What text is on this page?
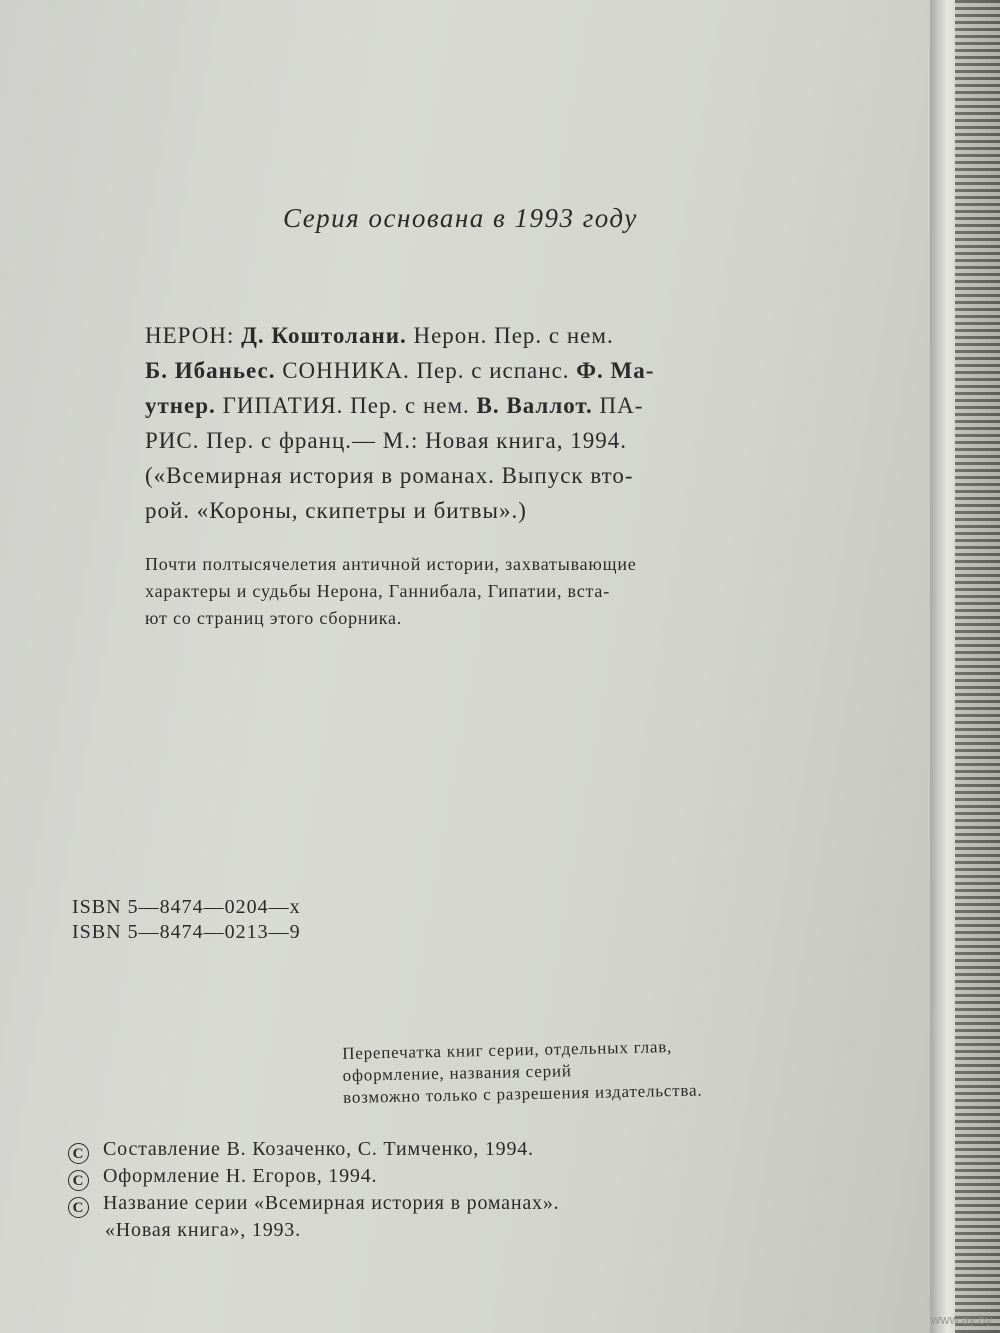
Серия основана в 1993 году
НЕРОН: Д. Коштолани. Нерон. Пер. с нем.
Б. Ибаньес. СОННИКА. Пер. с испанс. Ф. Ма-
утнер. ГИПАТИЯ. Пер. с нем. В. Валлот. ПА-
РИС. Пер. с франц.— М.: Новая книга, 1994.
(«Всемирная история в романах. Выпуск вто-
рой. «Короны, скипетры и битвы».)
Почти полтысячелетия античной истории, захватывающие
характеры и судьбы Нерона, Ганнибала, Гипатии, вста-
ют со страниц этого сборника.
ISBN 5—8474—0204—х
ISBN 5—8474—0213—9
Перепечатка книг серии, отдельных глав,
оформление, названия серий
возможно только с разрешения издательства.
C Составление В. Козаченко, С. Тимченко, 1994.
C Оформление Н. Егоров, 1994.
C Название серии «Всемирная история в романах».
«Новая книга», 1993.
www.ay.by
